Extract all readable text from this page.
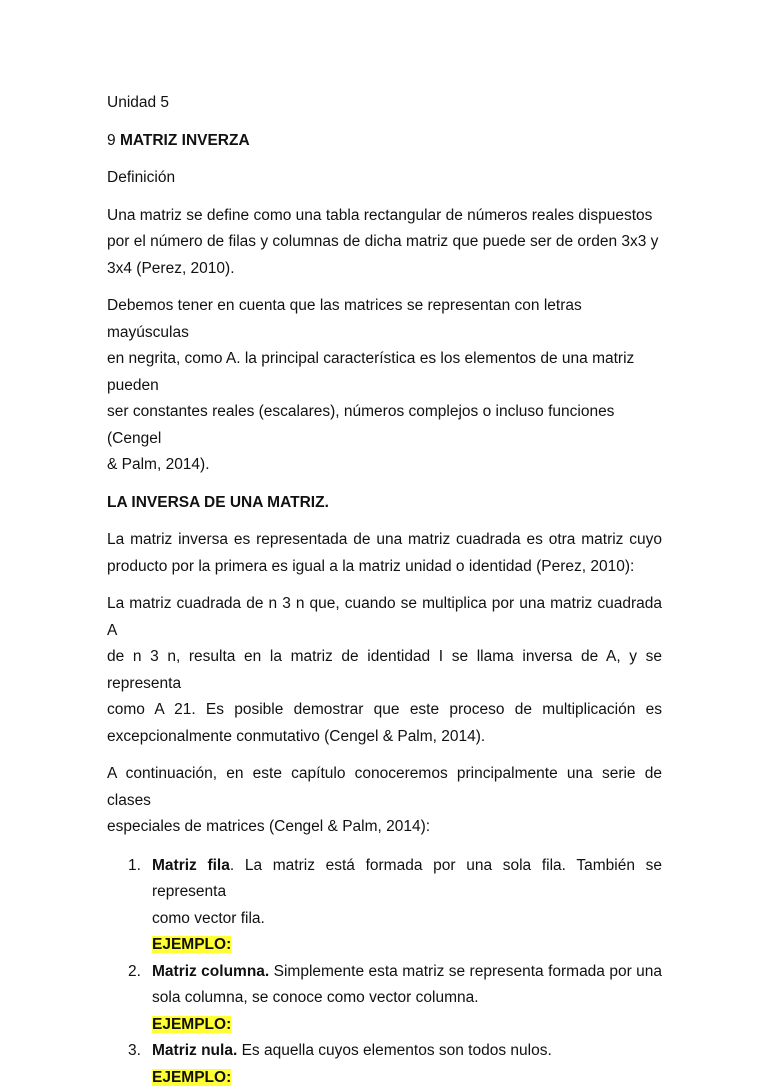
Unidad 5

9 MATRIZ INVERZA

Definición

Una matriz se define como una tabla rectangular de números reales dispuestos
por el número de filas y columnas de dicha matriz que puede ser de orden 3x3 y
3x4 (Perez, 2010).
Debemos tener en cuenta que las matrices se representan con letras mayúsculas
en negrita, como A. la principal característica es los elementos de una matriz pueden
ser constantes reales (escalares), números complejos o incluso funciones (Cengel
& Palm, 2014).

LA INVERSA DE UNA MATRIZ.

La matriz inversa es representada de una matriz cuadrada es otra matriz cuyo
producto por la primera es igual a la matriz unidad o identidad (Perez, 2010):
La matriz cuadrada de n 3 n que, cuando se multiplica por una matriz cuadrada A
de n 3 n, resulta en la matriz de identidad I se llama inversa de A, y se representa
como A 21. Es posible demostrar que este proceso de multiplicación es
excepcionalmente conmutativo (Cengel & Palm, 2014).
A continuación, en este capítulo conoceremos principalmente una serie de clases
especiales de matrices (Cengel & Palm, 2014):
1. Matriz fila. La matriz está formada por una sola fila. También se representa
como vector fila.
EJEMPLO:
2. Matriz columna. Simplemente esta matriz se representa formada por una
sola columna, se conoce como vector columna.
EJEMPLO:
3. Matriz nula. Es aquella cuyos elementos son todos nulos.
EJEMPLO:
